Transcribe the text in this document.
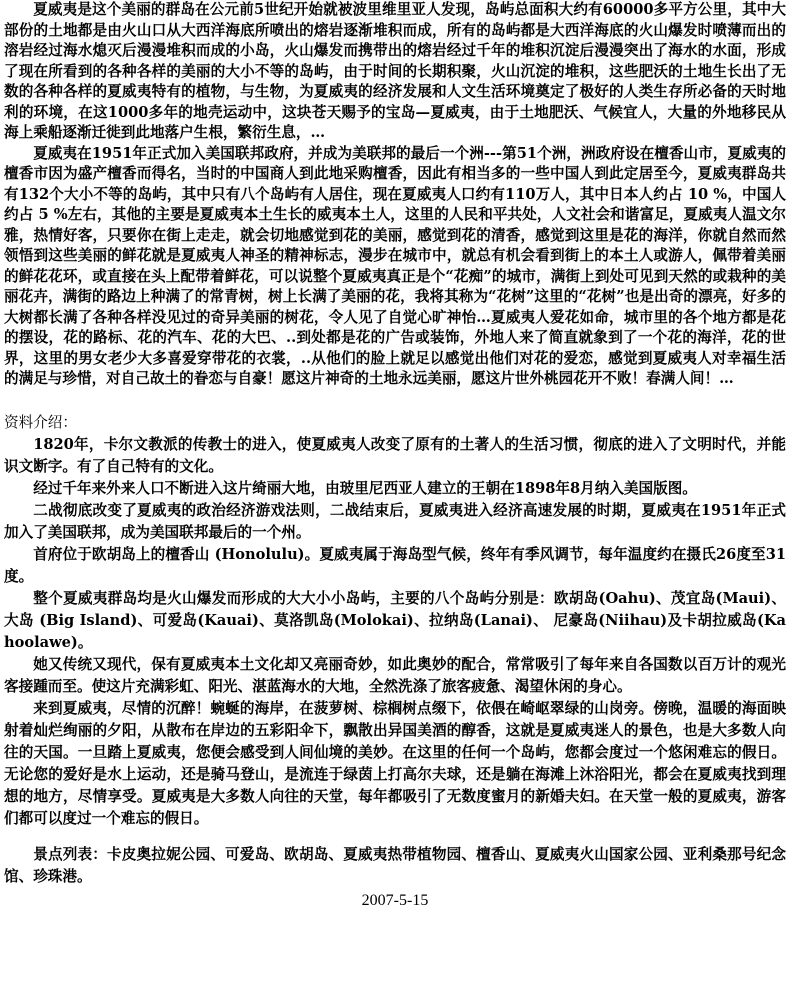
夏威夷是这个美丽的群岛在公元前5世纪开始就被波里维里亚人发现，岛屿总面积大约有60000多平方公里，其中大部份的土地都是由火山口从大西洋海底所喷出的熔岩逐渐堆积而成，所有的岛屿都是大西洋海底的火山爆发时喷薄而出的溶岩经过海水熄灭后漫漫堆积而成的小岛，火山爆发而携带出的熔岩经过千年的堆积沉淀后漫漫突出了海水的水面，形成了现在所看到的各种各样的美丽的大小不等的岛屿，由于时间的长期积聚，火山沉淀的堆积，这些肥沃的土地生长出了无数的各种各样的夏威夷特有的植物，与生物，为夏威夷的经济发展和人文生活环境奠定了极好的人类生存所必备的天时地利的环境，在这1000多年的地壳运动中，这块苍天赐予的宝岛—夏威夷，由于土地肥沃、气候宜人，大量的外地移民从海上乘船逐渐迁徙到此地落户生根，繁衍生息，…

夏威夷在1951年正式加入美国联邦政府，并成为美联邦的最后一个洲---第51个洲，洲政府设在檀香山市，夏威夷的檀香市因为盛产檀香而得名，当时的中国商人到此地采购檀香，因此有相当多的一些中国人到此定居至今，夏威夷群岛共有132个大小不等的岛屿，其中只有八个岛屿有人居住，现在夏威夷人口约有110万人，其中日本人约占 10 %，中国人约占 5 %左右，其他的主要是夏威夷本土生长的威夷本土人，这里的人民和平共处，人文社会和谐富足，夏威夷人温文尔雅，热情好客，只要你在街上走走，就会切地感觉到花的美丽，感觉到花的清香，感觉到这里是花的海洋，你就自然而然领悟到这些美丽的鲜花就是夏威夷人神圣的精神标志，漫步在城市中，就总有机会看到街上的本土人或游人，佩带着美丽的鲜花花环，或直接在头上配带着鲜花，可以说整个夏威夷真正是个“花痴”的城市，满街上到处可见到天然的或栽种的美丽花卉，满街的路边上种满了的常青树，树上长满了美丽的花，我将其称为“花树”这里的“花树”也是出奇的漂亮，好多的大树都长满了各种各样没见过的奇异美丽的树花，令人见了自觉心旷神怡…夏威夷人爱花如命，城市里的各个地方都是花的摆设，花的路标、花的汽车、花的大巴、..到处都是花的广告或装饰，外地人来了简直就象到了一个花的海洋，花的世界，这里的男女老少大多喜爱穿带花的衣裳，..从他们的脸上就足以感觉出他们对花的爱恋，感觉到夏威夷人对幸福生活的满足与珍惜，对自己故土的眷恋与自豪！愿这片神奇的土地永远美丽，愿这片世外桃园花开不败！春满人间！…

资料介绍：

1820年，卡尔文教派的传教士的进入，使夏威夷人改变了原有的土著人的生活习惯，彻底的进入了文明时代，并能识文断字。有了自己特有的文化。

经过千年来外来人口不断进入这片绮丽大地，由玻里尼西亚人建立的王朝在1898年8月纳入美国版图。

二战彻底改变了夏威夷的政治经济游戏法则，二战结束后，夏威夷进入经济高速发展的时期，夏威夷在1951年正式加入了美国联邦，成为美国联邦最后的一个州。

首府位于欧胡岛上的檀香山 (Honolulu)。夏威夷属于海岛型气候，终年有季风调节，每年温度约在摄氏26度至31度。

整个夏威夷群岛均是火山爆发而形成的大大小小岛屿，主要的八个岛屿分别是：欧胡岛(Oahu)、茂宜岛(Maui)、大岛 (Big Island)、可爱岛(Kauai)、莫洛凯岛(Molokai)、拉纳岛(Lanai)、 尼豪岛(Niihau)及卡胡拉威岛(Kahoolawe)。

她又传统又现代，保有夏威夷本土文化却又亮丽奇妙，如此奥妙的配合，常常吸引了每年来自各国数以百万计的观光客接踵而至。使这片充满彩虹、阳光、湛蓝海水的大地，全然洗涤了旅客疲惫、渴望休闲的身心。

来到夏威夷，尽情的沉醉！蜿蜒的海岸，在菠萝树、棕榈树点缀下，依偎在崎岖翠绿的山岗旁。傍晚，温暖的海面映射着灿烂绚丽的夕阳，从散布在岸边的五彩阳伞下，飘散出异国美酒的醇香，这就是夏威夷迷人的景色，也是大多数人向往的天国。一旦踏上夏威夷，您便会感受到人间仙境的美妙。在这里的任何一个岛屿，您都会度过一个悠闲难忘的假日。无论您的爱好是水上运动，还是骑马登山，是流连于绿茵上打高尔夫球，还是躺在海滩上沐浴阳光，都会在夏威夷找到理想的地方，尽情享受。夏威夷是大多数人向往的天堂，每年都吸引了无数度蜜月的新婚夫妇。在天堂一般的夏威夷，游客们都可以度过一个难忘的假日。

景点列表：卡皮奥拉妮公园、可爱岛、欧胡岛、夏威夷热带植物园、檀香山、夏威夷火山国家公园、亚利桑那号纪念馆、珍珠港。

2007-5-15
